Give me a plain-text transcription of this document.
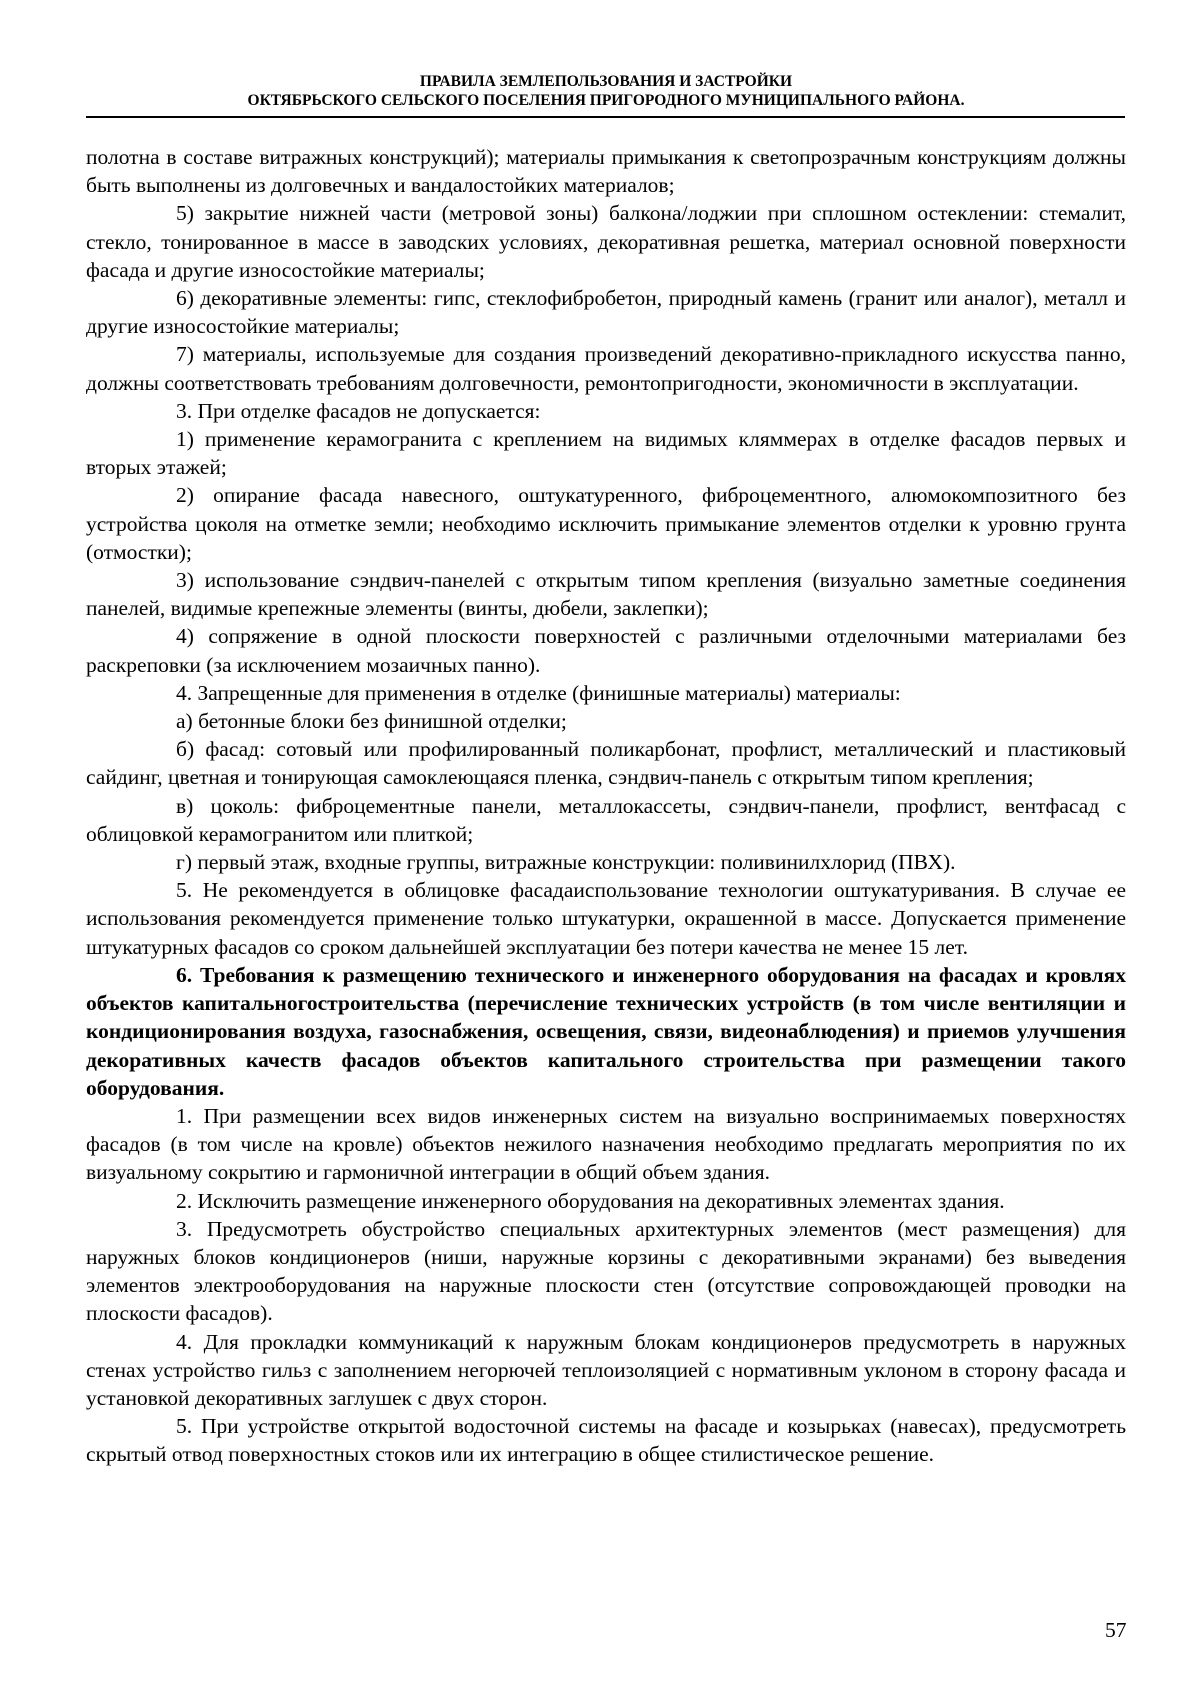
ПРАВИЛА ЗЕМЛЕПОЛЬЗОВАНИЯ И ЗАСТРОЙКИ
ОКТЯБРЬСКОГО СЕЛЬСКОГО ПОСЕЛЕНИЯ ПРИГОРОДНОГО МУНИЦИПАЛЬНОГО РАЙОНА.

полотна в составе витражных конструкций); материалы примыкания к светопрозрачным конструкциям должны быть выполнены из долговечных и вандалостойких материалов;

5) закрытие нижней части (метровой зоны) балкона/лоджии при сплошном остеклении: стемалит, стекло, тонированное в массе в заводских условиях, декоративная решетка, материал основной поверхности фасада и другие износостойкие материалы;

6) декоративные элементы: гипс, стеклофибробетон, природный камень (гранит или аналог), металл и другие износостойкие материалы;

7) материалы, используемые для создания произведений декоративно-прикладного искусства панно, должны соответствовать требованиям долговечности, ремонтопригодности, экономичности в эксплуатации.

3. При отделке фасадов не допускается:

1) применение керамогранита с креплением на видимых кляммерах в отделке фасадов первых и вторых этажей;

2) опирание фасада навесного, оштукатуренного, фиброцементного, алюмокомпозитного без устройства цоколя на отметке земли; необходимо исключить примыкание элементов отделки к уровню грунта (отмостки);

3) использование сэндвич-панелей с открытым типом крепления (визуально заметные соединения панелей, видимые крепежные элементы (винты, дюбели, заклепки);

4) сопряжение в одной плоскости поверхностей с различными отделочными материалами без раскреповки (за исключением мозаичных панно).

4. Запрещенные для применения в отделке (финишные материалы) материалы:

а) бетонные блоки без финишной отделки;

б) фасад: сотовый или профилированный поликарбонат, профлист, металлический и пластиковый сайдинг, цветная и тонирующая самоклеющаяся пленка, сэндвич-панель с открытым типом крепления;

в) цоколь: фиброцементные панели, металлокассеты, сэндвич-панели, профлист, вентфасад с облицовкой керамогранитом или плиткой;

г) первый этаж, входные группы, витражные конструкции: поливинилхлорид (ПВХ).

5. Не рекомендуется в облицовке фасадаиспользование технологии оштукатуривания. В случае ее использования рекомендуется применение только штукатурки, окрашенной в массе. Допускается применение штукатурных фасадов со сроком дальнейшей эксплуатации без потери качества не менее 15 лет.

6. Требования к размещению технического и инженерного оборудования на фасадах и кровлях объектов капитальногостроительства (перечисление технических устройств (в том числе вентиляции и кондиционирования воздуха, газоснабжения, освещения, связи, видеонаблюдения) и приемов улучшения декоративных качеств фасадов объектов капитального строительства при размещении такого оборудования.

1. При размещении всех видов инженерных систем на визуально воспринимаемых поверхностях фасадов (в том числе на кровле) объектов нежилого назначения необходимо предлагать мероприятия по их визуальному сокрытию и гармоничной интеграции в общий объем здания.

2. Исключить размещение инженерного оборудования на декоративных элементах здания.

3. Предусмотреть обустройство специальных архитектурных элементов (мест размещения) для наружных блоков кондиционеров (ниши, наружные корзины с декоративными экранами) без выведения элементов электрооборудования на наружные плоскости стен (отсутствие сопровождающей проводки на плоскости фасадов).

4. Для прокладки коммуникаций к наружным блокам кондиционеров предусмотреть в наружных стенах устройство гильз с заполнением негорючей теплоизоляцией с нормативным уклоном в сторону фасада и установкой декоративных заглушек с двух сторон.

5. При устройстве открытой водосточной системы на фасаде и козырьках (навесах), предусмотреть скрытый отвод поверхностных стоков или их интеграцию в общее стилистическое решение.

57
